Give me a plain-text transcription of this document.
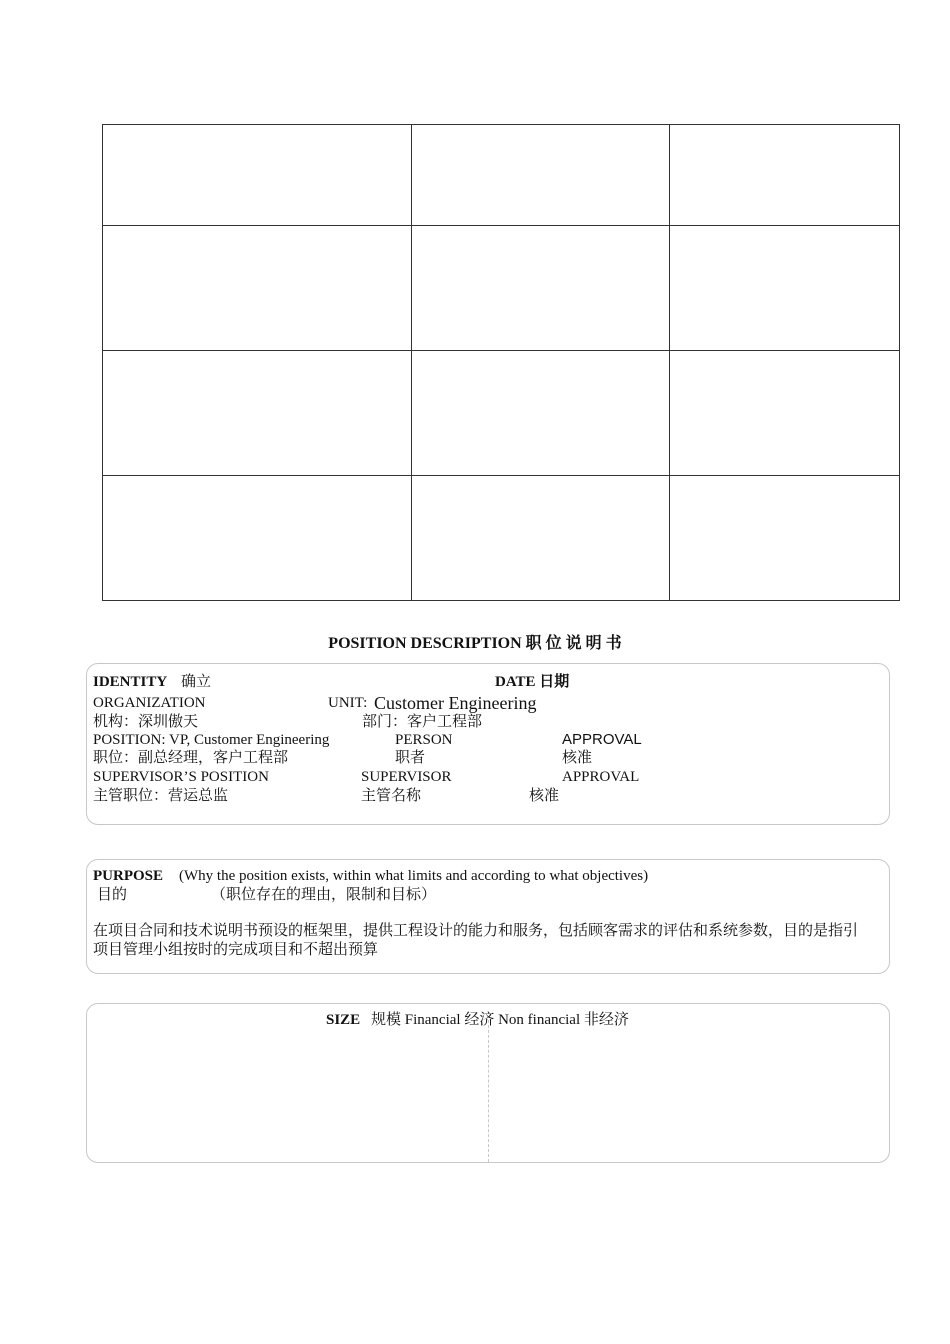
POSITION DESCRIPTION 职 位 说 明 书
IDENTITY 确立	DATE 日期
ORGANIZATION	UNIT: Customer Engineering
机构：深圳傲天	部门：客户工程部
POSITION: VP, Customer Engineering	PERSON	APPROVAL
职位：副总经理，客户工程部	职者	核准
SUPERVISOR’S POSITION	SUPERVISOR	APPROVAL
主管职位：营运总监	主管名称	核准
PURPOSE (Why the position exists, within what limits and according to what objectives)
目的	（职位存在的理由，限制和目标）
在项目合同和技术说明书预设的框架里，提供工程设计的能力和服务，包括顾客需求的评估和系统参数，目的是指引
项目管理小组按时的完成项目和不超出预算
SIZE 规模 Financial 经济 Non financial 非经济
